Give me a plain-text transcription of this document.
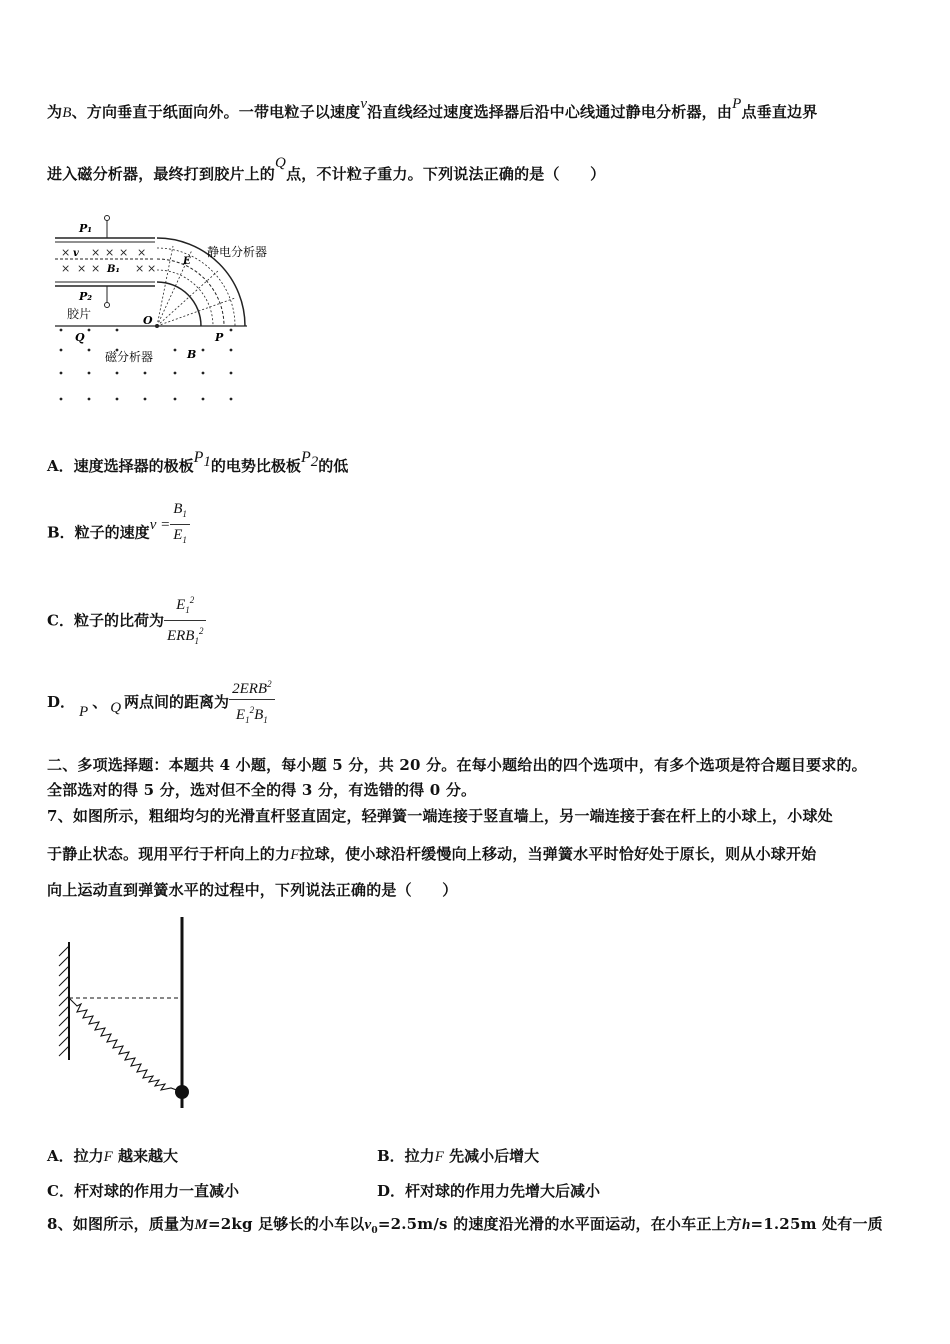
为B、方向垂直于纸面向外。一带电粒子以速度v沿直线经过速度选择器后沿中心线通过静电分析器，由P点垂直边界
进入磁分析器，最终打到胶片上的Q点，不计粒子重力。下列说法正确的是（　　）
P₁
× × × × ×
× × ×	× ×
v
B₁
P₂
胶片
E
静电分析器
O
Q
磁分析器	B
P
A．速度选择器的极板$P_1$的电势比极板$P_2$的低
B．粒子的速度$v = \frac{B_1}{E_1}$
C．粒子的比荷为 $\frac{E_1^2}{ERB_1^2}$
D．P、 Q 两点间的距离为 $\frac{2ERB^2}{E_1^2B_1}$
二、多项选择题：本题共 4 小题，每小题 5 分，共 20 分。在每小题给出的四个选项中，有多个选项是符合题目要求的。
全部选对的得 5 分，选对但不全的得 3 分，有选错的得 0 分。
7、如图所示，粗细均匀的光滑直杆竖直固定，轻弹簧一端连接于竖直墙上，另一端连接于套在杆上的小球上，小球处
于静止状态。现用平行于杆向上的力F拉球，使小球沿杆缓慢向上移动，当弹簧水平时恰好处于原长，则从小球开始
向上运动直到弹簧水平的过程中，下列说法正确的是（　　）
A．拉力F 越来越大	B．拉力F 先减小后增大
C．杆对球的作用力一直减小	D．杆对球的作用力先增大后减小
8、如图所示，质量为M=2kg 足够长的小车以$v_0=2.5m/s$ 的速度沿光滑的水平面运动，在小车正上方h=1.25m 处有一质
